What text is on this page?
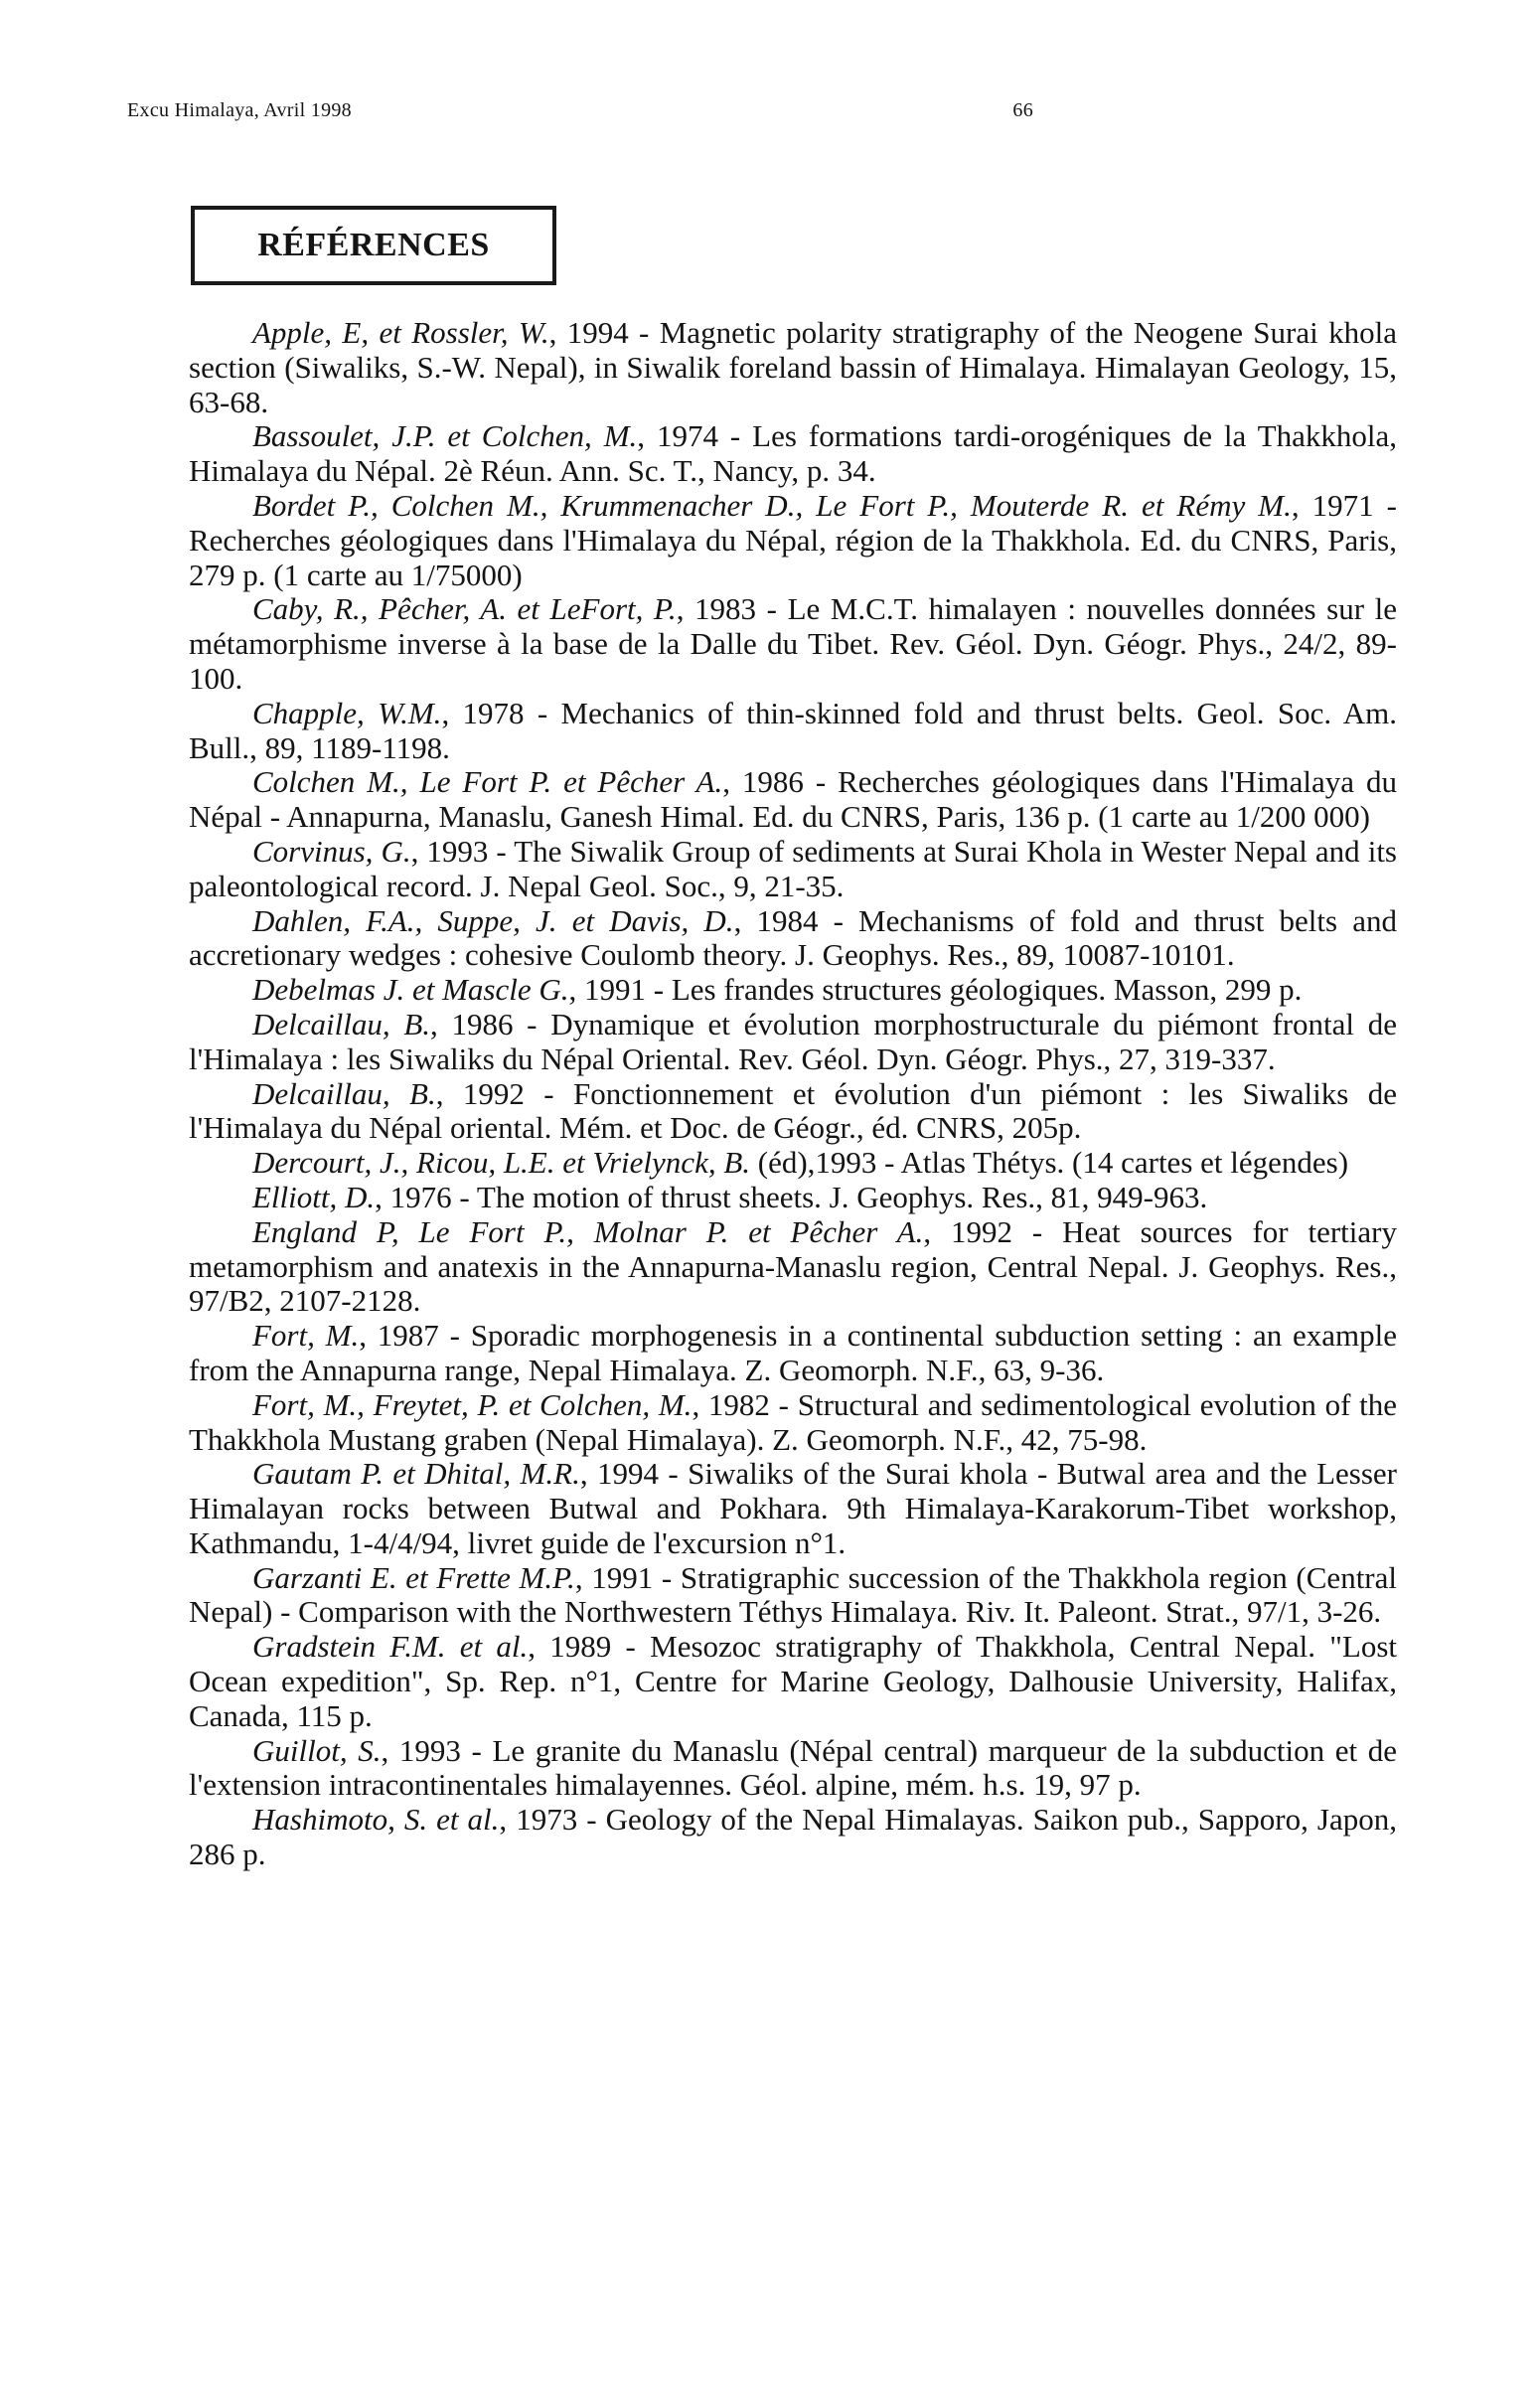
Excu Himalaya, Avril 1998	66
RÉFÉRENCES

Apple, E, et Rossler, W., 1994 - Magnetic polarity stratigraphy of the Neogene Surai khola section (Siwaliks, S.-W. Nepal), in Siwalik foreland bassin of Himalaya. Himalayan Geology, 15, 63-68.

Bassoulet, J.P. et Colchen, M., 1974 - Les formations tardi-orogéniques de la Thakkhola, Himalaya du Népal. 2è Réun. Ann. Sc. T., Nancy, p. 34.

Bordet P., Colchen M., Krummenacher D., Le Fort P., Mouterde R. et Rémy M., 1971 - Recherches géologiques dans l'Himalaya du Népal, région de la Thakkhola. Ed. du CNRS, Paris, 279 p. (1 carte au 1/75000)

Caby, R., Pêcher, A. et LeFort, P., 1983 - Le M.C.T. himalayen : nouvelles données sur le métamorphisme inverse à la base de la Dalle du Tibet. Rev. Géol. Dyn. Géogr. Phys., 24/2, 89-100.

Chapple, W.M., 1978 - Mechanics of thin-skinned fold and thrust belts. Geol. Soc. Am. Bull., 89, 1189-1198.

Colchen M., Le Fort P. et Pêcher A., 1986 - Recherches géologiques dans l'Himalaya du Népal - Annapurna, Manaslu, Ganesh Himal. Ed. du CNRS, Paris, 136 p. (1 carte au 1/200 000)

Corvinus, G., 1993 - The Siwalik Group of sediments at Surai Khola in Wester Nepal and its paleontological record. J. Nepal Geol. Soc., 9, 21-35.

Dahlen, F.A., Suppe, J. et Davis, D., 1984 - Mechanisms of fold and thrust belts and accretionary wedges : cohesive Coulomb theory. J. Geophys. Res., 89, 10087-10101.

Debelmas J. et Mascle G., 1991 - Les frandes structures géologiques. Masson, 299 p.

Delcaillau, B., 1986 - Dynamique et évolution morphostructurale du piémont frontal de l'Himalaya : les Siwaliks du Népal Oriental. Rev. Géol. Dyn. Géogr. Phys., 27, 319-337.

Delcaillau, B., 1992 - Fonctionnement et évolution d'un piémont : les Siwaliks de l'Himalaya du Népal oriental. Mém. et Doc. de Géogr., éd. CNRS, 205p.

Dercourt, J., Ricou, L.E. et Vrielynck, B. (éd),1993 - Atlas Thétys. (14 cartes et légendes)

Elliott, D., 1976 - The motion of thrust sheets. J. Geophys. Res., 81, 949-963.

England P, Le Fort P., Molnar P. et Pêcher A., 1992 - Heat sources for tertiary metamorphism and anatexis in the Annapurna-Manaslu region, Central Nepal. J. Geophys. Res., 97/B2, 2107-2128.

Fort, M., 1987 - Sporadic morphogenesis in a continental subduction setting : an example from the Annapurna range, Nepal Himalaya. Z. Geomorph. N.F., 63, 9-36.

Fort, M., Freytet, P. et Colchen, M., 1982 - Structural and sedimentological evolution of the Thakkhola Mustang graben (Nepal Himalaya). Z. Geomorph. N.F., 42, 75-98.

Gautam P. et Dhital, M.R., 1994 - Siwaliks of the Surai khola - Butwal area and the Lesser Himalayan rocks between Butwal and Pokhara. 9th Himalaya-Karakorum-Tibet workshop, Kathmandu, 1-4/4/94, livret guide de l'excursion n°1.

Garzanti E. et Frette M.P., 1991 - Stratigraphic succession of the Thakkhola region (Central Nepal) - Comparison with the Northwestern Téthys Himalaya. Riv. It. Paleont. Strat., 97/1, 3-26.

Gradstein F.M. et al., 1989 - Mesozoc stratigraphy of Thakkhola, Central Nepal. "Lost Ocean expedition", Sp. Rep. n°1, Centre for Marine Geology, Dalhousie University, Halifax, Canada, 115 p.

Guillot, S., 1993 - Le granite du Manaslu (Népal central) marqueur de la subduction et de l'extension intracontinentales himalayennes. Géol. alpine, mém. h.s. 19, 97 p.

Hashimoto, S. et al., 1973 - Geology of the Nepal Himalayas. Saikon pub., Sapporo, Japon, 286 p.
